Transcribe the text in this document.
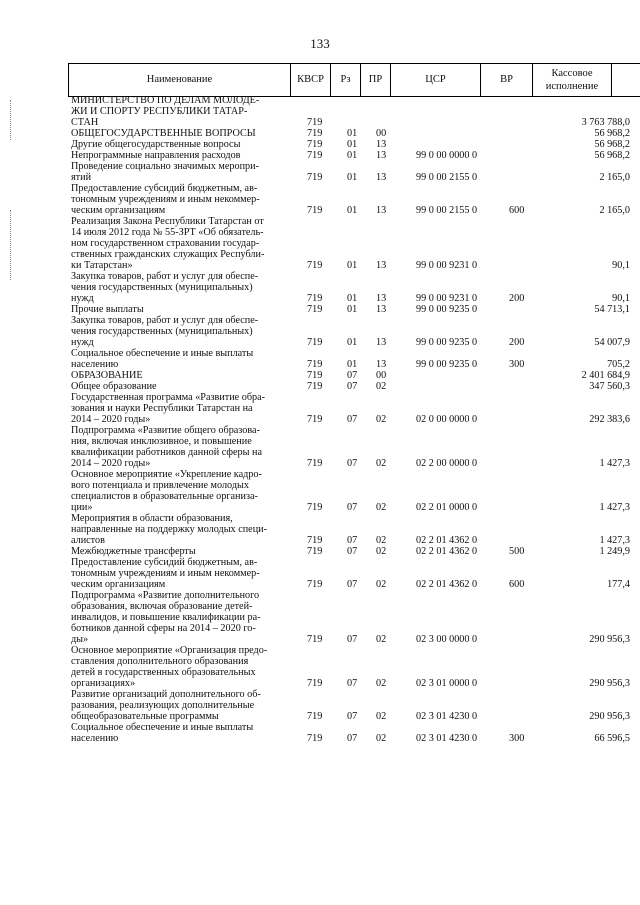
133
Наименование	КВСР	Рз	ПР	ЦСР	ВР
Кассовое исполнение
МИНИСТЕРСТВО ПО ДЕЛАМ МОЛОДЕ-
ЖИ И СПОРТУ РЕСПУБЛИКИ ТАТАР-
СТАН	719	3 763 788,0
ОБЩЕГОСУДАРСТВЕННЫЕ ВОПРОСЫ	719 01 00	56 968,2
Другие общегосударственные вопросы	719 01 13	56 968,2
Непрограммные направления расходов	719 01 13	99 0 00 0000 0	56 968,2
Проведение социально значимых меропри-
ятий	719 01 13	99 0 00 2155 0	2 165,0
Предоставление субсидий бюджетным, ав-
тономным учреждениям и иным некоммер-
ческим организациям	719 01 13	99 0 00 2155 0	600	2 165,0
Реализация Закона Республики Татарстан от
14 июля 2012 года № 55-ЗРТ «Об обязатель-
ном государственном страховании государ-
ственных гражданских служащих Республи-
ки Татарстан»	719 01 13	99 0 00 9231 0	90,1
Закупка товаров, работ и услуг для обеспе-
чения государственных (муниципальных)
нужд	719 01 13	99 0 00 9231 0	200	90,1
Прочие выплаты	719 01 13	99 0 00 9235 0	54 713,1
Закупка товаров, работ и услуг для обеспе-
чения государственных (муниципальных)
нужд	719 01 13	99 0 00 9235 0	200	54 007,9
Социальное обеспечение и иные выплаты
населению	719 01 13	99 0 00 9235 0	300	705,2
ОБРАЗОВАНИЕ	719 07 00	2 401 684,9
Общее образование	719 07 02	347 560,3
Государственная программа «Развитие обра-
зования и науки Республики Татарстан на
2014 – 2020 годы»	719 07 02	02 0 00 0000 0	292 383,6
Подпрограмма «Развитие общего образова-
ния, включая инклюзивное, и повышение
квалификации работников данной сферы на
2014 – 2020 годы»	719 07 02	02 2 00 0000 0	1 427,3
Основное мероприятие «Укрепление кадро-
вого потенциала и привлечение молодых
специалистов в образовательные организа-
ции»	719 07 02	02 2 01 0000 0	1 427,3
Мероприятия в области образования,
направленные на поддержку молодых специ-
алистов	719 07 02	02 2 01 4362 0	1 427,3
Межбюджетные трансферты	719 07 02	02 2 01 4362 0	500	1 249,9
Предоставление субсидий бюджетным, ав-
тономным учреждениям и иным некоммер-
ческим организациям	719 07 02	02 2 01 4362 0	600	177,4
Подпрограмма «Развитие дополнительного
образования, включая образование детей-
инвалидов, и повышение квалификации ра-
ботников данной сферы на 2014 – 2020 го-
ды»	719 07 02	02 3 00 0000 0	290 956,3
Основное мероприятие «Организация предо-
ставления дополнительного образования
детей в государственных образовательных
организациях»	719 07 02	02 3 01 0000 0	290 956,3
Развитие организаций дополнительного об-
разования, реализующих дополнительные
общеобразовательные программы	719 07 02	02 3 01 4230 0	290 956,3
Социальное обеспечение и иные выплаты
населению	719 07 02	02 3 01 4230 0	300	66 596,5
